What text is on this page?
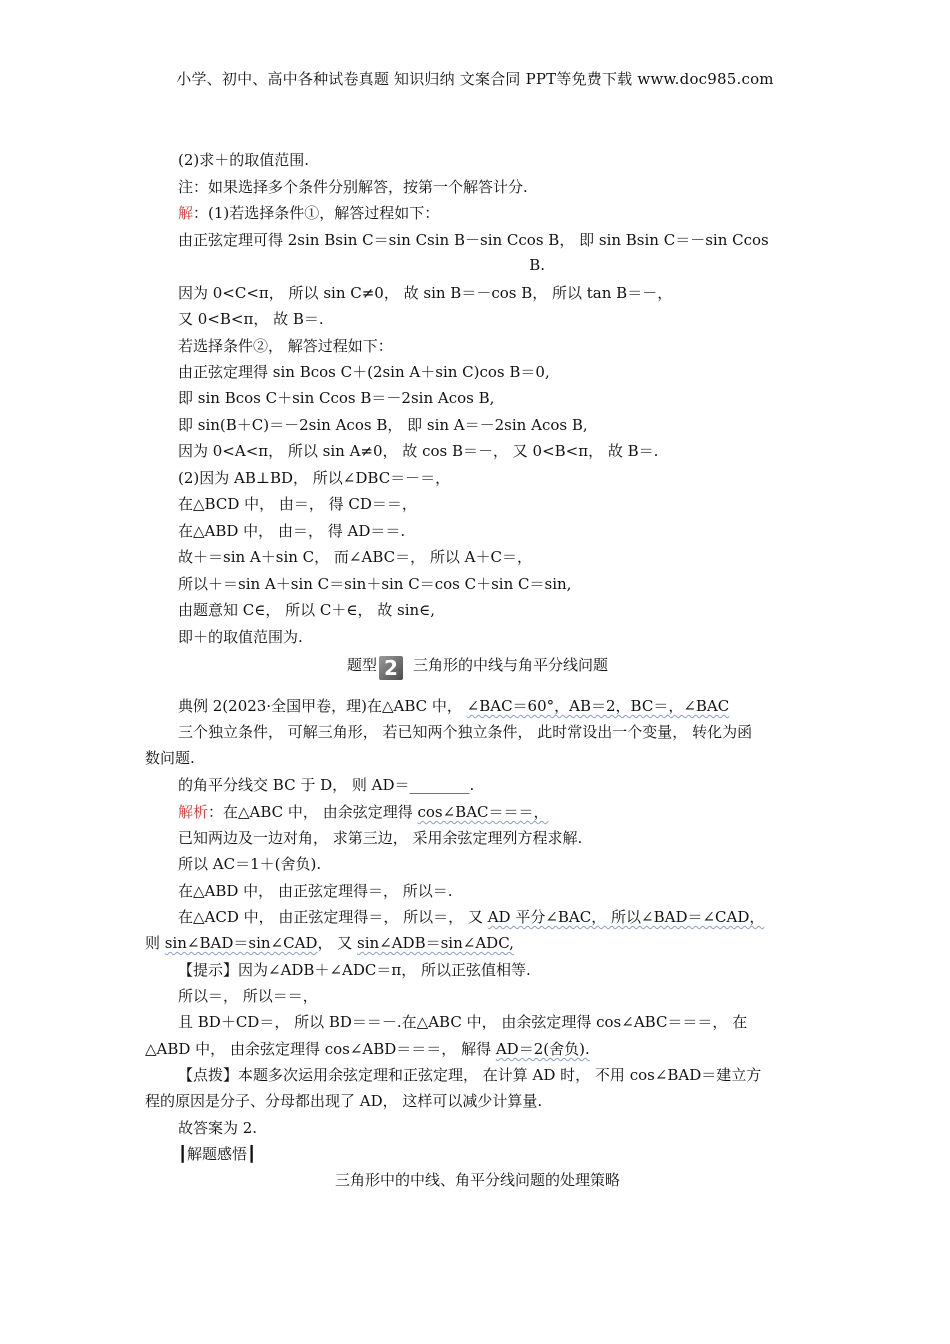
小学、初中、高中各种试卷真题 知识归纳 文案合同 PPT等免费下载 www.doc985.com
(2)求＋的取值范围.
注：如果选择多个条件分别解答，按第一个解答计分.
解：(1)若选择条件①，解答过程如下：
由正弦定理可得 2sin Bsin C＝sin Csin B－sin Ccos B， 即 sin Bsin C＝－sin Ccos
B.
因为 0<C<π， 所以 sin C≠0， 故 sin B＝－cos B， 所以 tan B＝－，
又 0<B<π， 故 B＝.
若选择条件②， 解答过程如下：
由正弦定理得 sin Bcos C＋(2sin A＋sin C)cos B＝0,
即 sin Bcos C＋sin Ccos B＝－2sin Acos B,
即 sin(B＋C)＝－2sin Acos B， 即 sin A＝－2sin Acos B,
因为 0<A<π， 所以 sin A≠0， 故 cos B＝－， 又 0<B<π， 故 B＝.
(2)因为 AB⊥BD， 所以∠DBC＝－＝，
在△BCD 中， 由＝， 得 CD＝＝，
在△ABD 中， 由＝， 得 AD＝＝.
故＋＝sin A＋sin C， 而∠ABC＝， 所以 A＋C＝，
所以＋＝sin A＋sin C＝sin＋sin C＝cos C＋sin C＝sin,
由题意知 C∈， 所以 C＋∈， 故 sin∈,
即＋的取值范围为.
题型 2 三角形的中线与角平分线问题
典例 2(2023·全国甲卷，理)在△ABC 中， ∠BAC＝60°，AB＝2，BC＝，∠BAC
三个独立条件， 可解三角形， 若已知两个独立条件， 此时常设出一个变量， 转化为函
数问题.
的角平分线交 BC 于 D， 则 AD＝________.
解析：在△ABC 中， 由余弦定理得 cos∠BAC＝＝＝，
已知两边及一边对角， 求第三边， 采用余弦定理列方程求解.
所以 AC＝1＋(舍负).
在△ABD 中， 由正弦定理得＝， 所以＝.
在△ACD 中， 由正弦定理得＝， 所以＝， 又 AD 平分∠BAC， 所以∠BAD＝∠CAD，
则 sin∠BAD＝sin∠CAD， 又 sin∠ADB＝sin∠ADC,
【提示】因为∠ADB＋∠ADC＝π， 所以正弦值相等.
所以＝， 所以＝＝，
且 BD＋CD＝， 所以 BD＝＝－.在△ABC 中， 由余弦定理得 cos∠ABC＝＝＝， 在
△ABD 中， 由余弦定理得 cos∠ABD＝＝＝， 解得 AD＝2(舍负).
【点拨】本题多次运用余弦定理和正弦定理， 在计算 AD 时， 不用 cos∠BAD＝建立方
程的原因是分子、分母都出现了 AD， 这样可以减少计算量.
故答案为 2.
┃解题感悟┃
三角形中的中线、角平分线问题的处理策略
